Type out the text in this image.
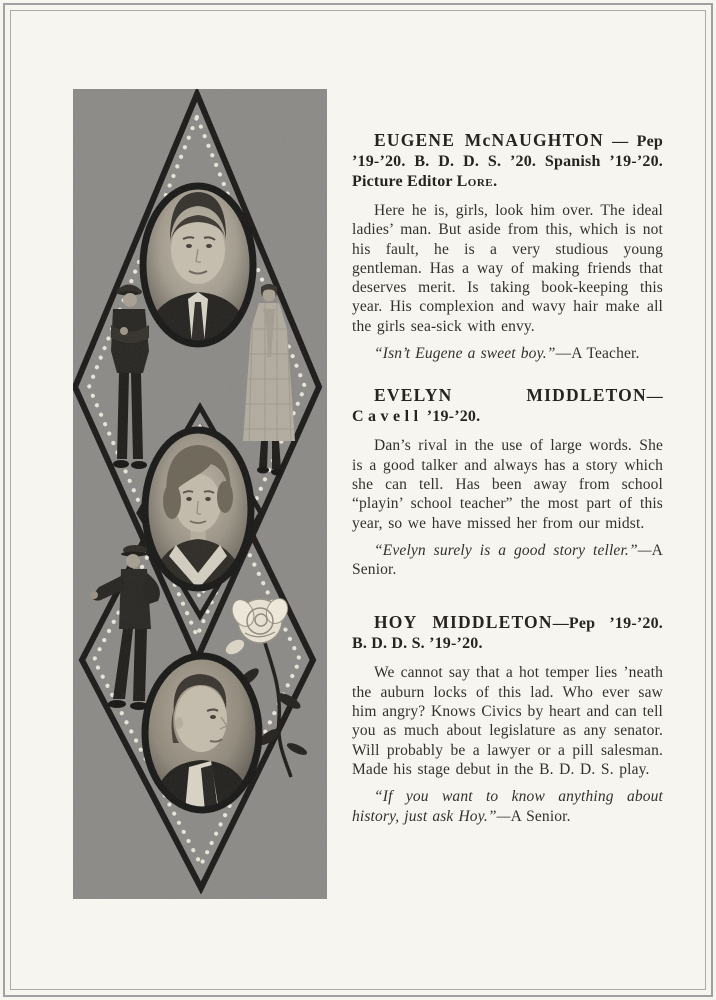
EUGENE McNAUGHTON — Pep ’19-’20. B. D. D. S. ’20. Spanish ’19-’20. Picture Editor Lore.

Here he is, girls, look him over. The ideal ladies’ man. But aside from this, which is not his fault, he is a very studious young gentleman. Has a way of making friends that deserves merit. Is taking book-keeping this year. His complexion and wavy hair make all the girls sea-sick with envy.

“Isn’t Eugene a sweet boy.”—A Teacher.

EVELYN MIDDLETON—Cavell ’19-’20.

Dan’s rival in the use of large words. She is a good talker and always has a story which she can tell. Has been away from school “playin’ school teacher” the most part of this year, so we have missed her from our midst.

“Evelyn surely is a good story teller.”—A Senior.

HOY MIDDLETON—Pep ’19-’20. B. D. D. S. ’19-’20.

We cannot say that a hot temper lies ’neath the auburn locks of this lad. Who ever saw him angry? Knows Civics by heart and can tell you as much about legislature as any senator. Will probably be a lawyer or a pill salesman. Made his stage debut in the B. D. D. S. play.

“If you want to know anything about history, just ask Hoy.”—A Senior.
